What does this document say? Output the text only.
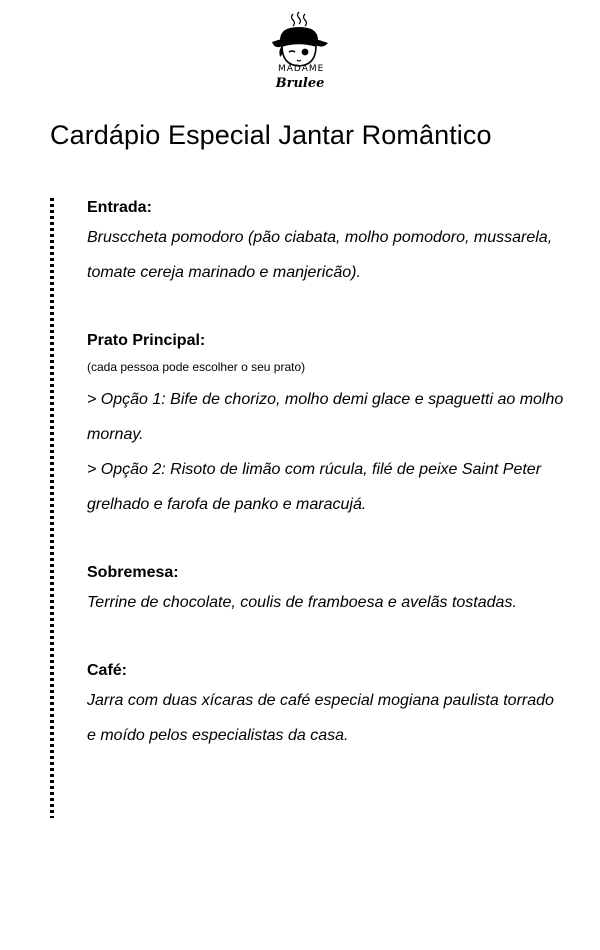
MADAME
Brulee
Cardápio Especial Jantar Romântico

Entrada:

Brusccheta pomodoro (pão ciabata, molho pomodoro, mussarela, tomate cereja marinado e manjericão).

Prato Principal:

(cada pessoa pode escolher o seu prato)

> Opção 1: Bife de chorizo, molho demi glace e spaguetti ao molho mornay.

> Opção 2: Risoto de limão com rúcula, filé de peixe Saint Peter grelhado e farofa de panko e maracujá.

Sobremesa:

Terrine de chocolate, coulis de framboesa e avelãs tostadas.

Café:

Jarra com duas xícaras de café especial mogiana paulista torrado e moído pelos especialistas da casa.
